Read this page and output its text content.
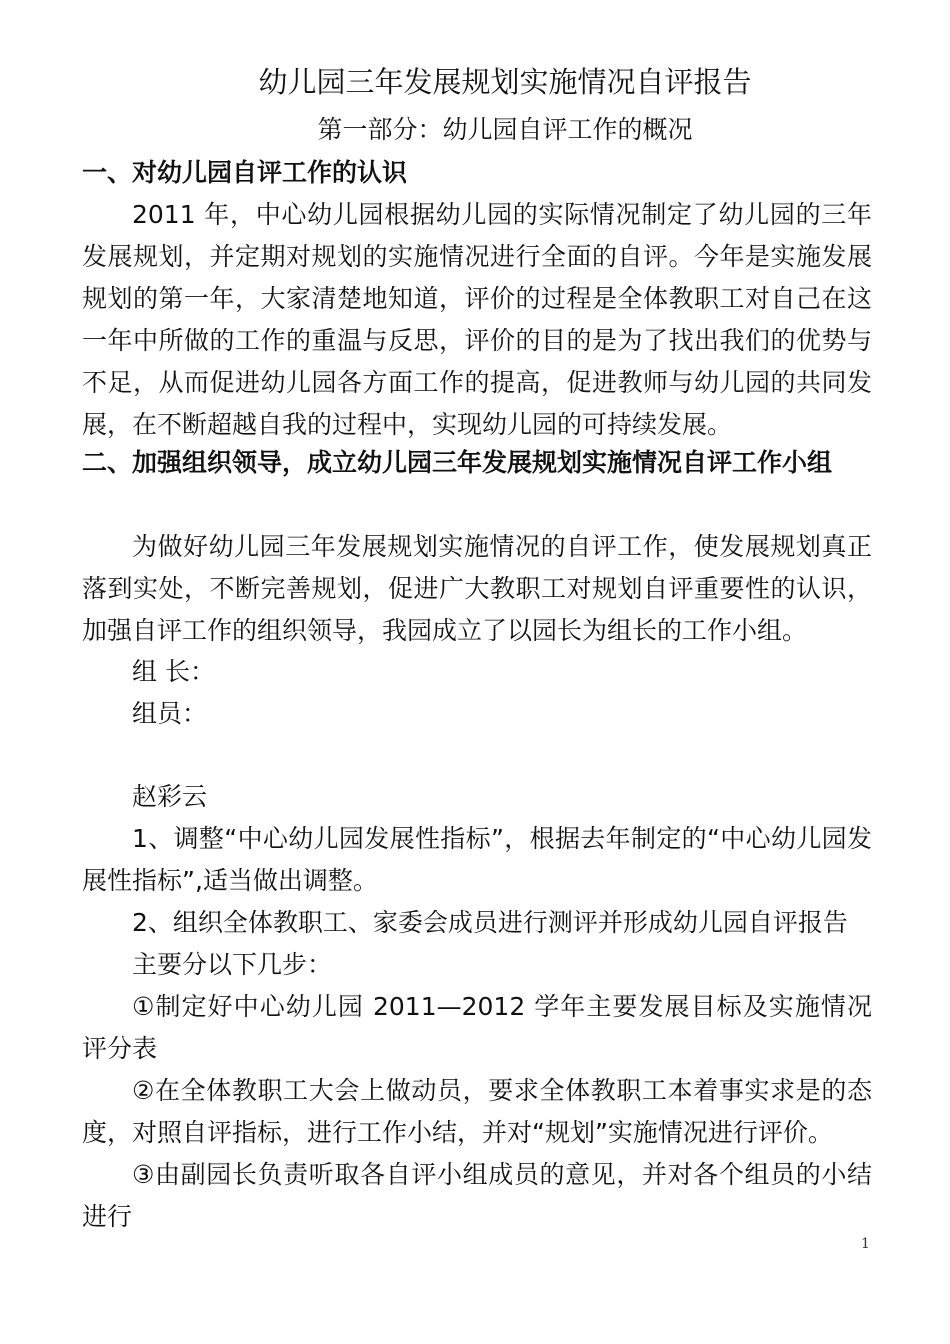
幼儿园三年发展规划实施情况自评报告
第一部分：幼儿园自评工作的概况
一、对幼儿园自评工作的认识
2011 年，中心幼儿园根据幼儿园的实际情况制定了幼儿园的三年发展规划，并定期对规划的实施情况进行全面的自评。今年是实施发展规划的第一年，大家清楚地知道，评价的过程是全体教职工对自己在这一年中所做的工作的重温与反思，评价的目的是为了找出我们的优势与不足，从而促进幼儿园各方面工作的提高，促进教师与幼儿园的共同发展，在不断超越自我的过程中，实现幼儿园的可持续发展。
二、加强组织领导，成立幼儿园三年发展规划实施情况自评工作小组
为做好幼儿园三年发展规划实施情况的自评工作，使发展规划真正落到实处，不断完善规划，促进广大教职工对规划自评重要性的认识，加强自评工作的组织领导，我园成立了以园长为组长的工作小组。
组 长：
组员：
赵彩云
1、调整“中心幼儿园发展性指标”，根据去年制定的“中心幼儿园发展性指标”,适当做出调整。
2、组织全体教职工、家委会成员进行测评并形成幼儿园自评报告
主要分以下几步：
①制定好中心幼儿园 2011—2012 学年主要发展目标及实施情况评分表
②在全体教职工大会上做动员，要求全体教职工本着事实求是的态度，对照自评指标，进行工作小结，并对“规划”实施情况进行评价。
③由副园长负责听取各自评小组成员的意见，并对各个组员的小结进行
1
